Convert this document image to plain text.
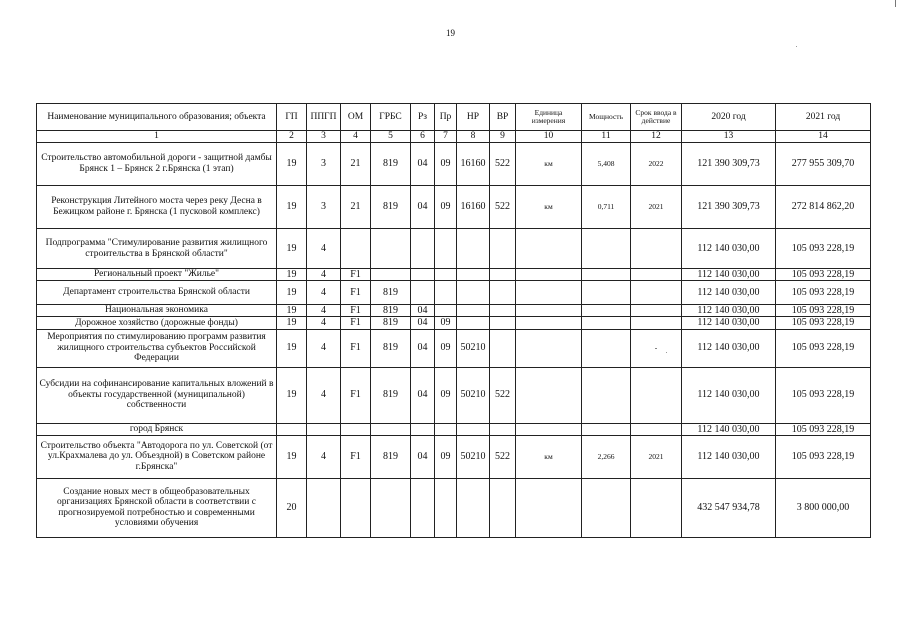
19
Наименование муниципального образования; объекта	ГП	ППГП	ОМ	ГРБС	Рз	Пр	НР	ВР	Единица измерения	Мощность	Срок ввода в действие	2020 год	2021 год
1	2	3	4	5	6	7	8	9	10	11	12	13	14
Строительство автомобильной дороги - защитной дамбы Брянск 1 – Брянск 2 г.Брянска (1 этап)	19	3	21	819	04	09	16160	522	км	5,408	2022	121 390 309,73	277 955 309,70
Реконструкция Литейного моста через реку Десна в Бежицком районе г. Брянска (1 пусковой комплекс)	19	3	21	819	04	09	16160	522	км	0,711	2021	121 390 309,73	272 814 862,20
Подпрограмма "Стимулирование развития жилищного строительства в Брянской области"	19	4										112 140 030,00	105 093 228,19
Региональный проект "Жилье"	19	4	F1									112 140 030,00	105 093 228,19
Департамент строительства Брянской области	19	4	F1	819								112 140 030,00	105 093 228,19
Национальная экономика	19	4	F1	819	04							112 140 030,00	105 093 228,19
Дорожное хозяйство (дорожные фонды)	19	4	F1	819	04	09						112 140 030,00	105 093 228,19
Мероприятия по стимулированию программ развития жилищного строительства субъектов Российской Федерации	19	4	F1	819	04	09	50210				-	112 140 030,00	105 093 228,19
Субсидии на софинансирование капитальных вложений в объекты государственной (муниципальной) собственности	19	4	F1	819	04	09	50210	522				112 140 030,00	105 093 228,19
город Брянск												112 140 030,00	105 093 228,19
Строительство объекта "Автодорога по ул. Советской (от ул.Крахмалева до ул. Объездной) в Советском районе г.Брянска"	19	4	F1	819	04	09	50210	522	км	2,266	2021	112 140 030,00	105 093 228,19
Создание новых мест в общеобразовательных организациях Брянской области в соответствии с прогнозируемой потребностью и современными условиями обучения	20											432 547 934,78	3 800 000,00
